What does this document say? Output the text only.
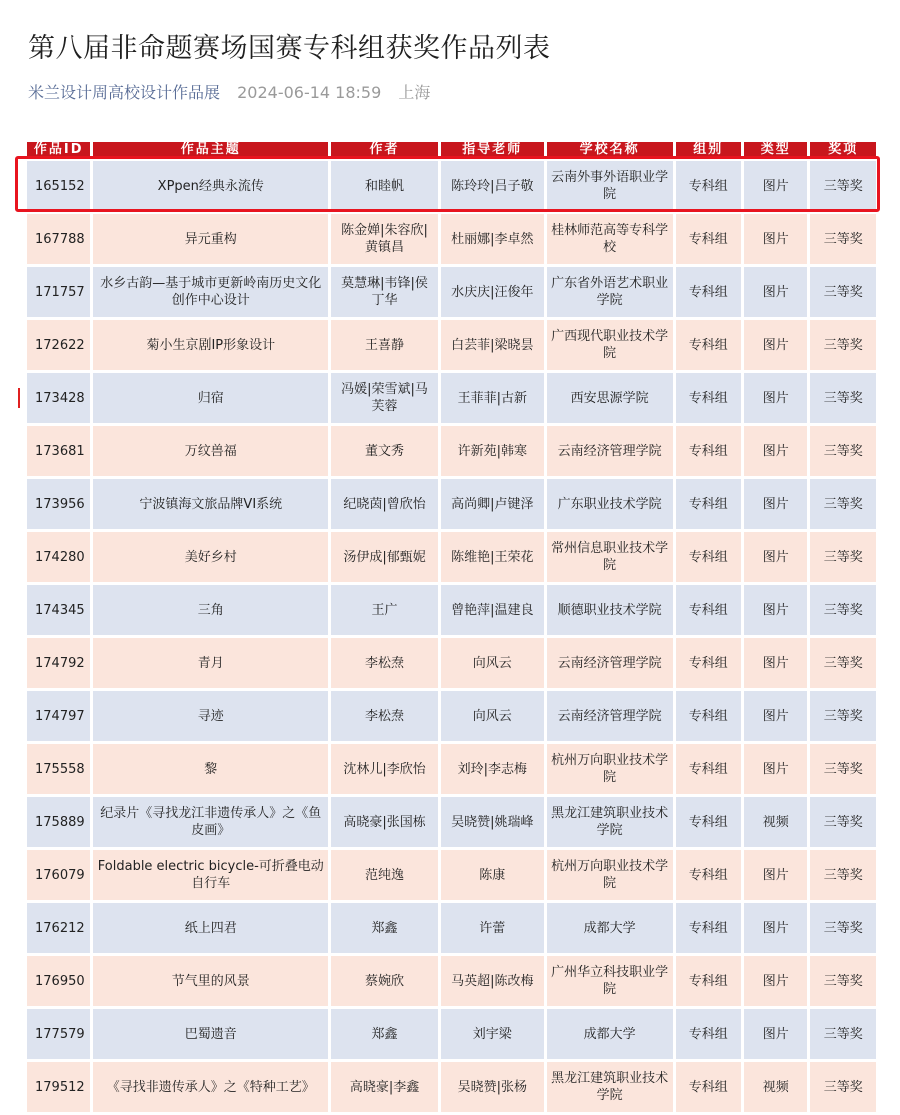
第八届非命题赛场国赛专科组获奖作品列表
米兰设计周高校设计作品展 2024-06-14 18:59 上海
作品ID	作品主题	作者	指导老师	学校名称	组别	类型	奖项
165152	XPpen经典永流传	和睦帆	陈玲玲|吕子敬	云南外事外语职业学院	专科组	图片	三等奖
167788	异元重构	陈金婵|朱容欣|黄镇昌	杜丽娜|李卓然	桂林师范高等专科学校	专科组	图片	三等奖
171757	水乡古韵—基于城市更新岭南历史文化创作中心设计	莫慧琳|韦锋|侯丁华	水庆庆|汪俊年	广东省外语艺术职业学院	专科组	图片	三等奖
172622	菊小生京剧IP形象设计	王喜静	白芸菲|梁晓昙	广西现代职业技术学院	专科组	图片	三等奖
173428	归宿	冯媛|荣雪斌|马芙蓉	王菲菲|古新	西安思源学院	专科组	图片	三等奖
173681	万纹兽福	董文秀	许新苑|韩寒	云南经济管理学院	专科组	图片	三等奖
173956	宁波镇海文旅品牌VI系统	纪晓茵|曾欣怡	高尚卿|卢键泽	广东职业技术学院	专科组	图片	三等奖
174280	美好乡村	汤伊成|郁甄妮	陈维艳|王荣花	常州信息职业技术学院	专科组	图片	三等奖
174345	三角	王广	曾艳萍|温建良	顺德职业技术学院	专科组	图片	三等奖
174792	青月	李松焘	向风云	云南经济管理学院	专科组	图片	三等奖
174797	寻迹	李松焘	向风云	云南经济管理学院	专科组	图片	三等奖
175558	黎	沈林儿|李欣怡	刘玲|李志梅	杭州万向职业技术学院	专科组	图片	三等奖
175889	纪录片《寻找龙江非遗传承人》之《鱼皮画》	高晓豪|张国栋	吴晓赞|姚瑞峰	黑龙江建筑职业技术学院	专科组	视频	三等奖
176079	Foldable electric bicycle-可折叠电动自行车	范纯逸	陈康	杭州万向职业技术学院	专科组	图片	三等奖
176212	纸上四君	郑鑫	许蕾	成都大学	专科组	图片	三等奖
176950	节气里的风景	蔡婉欣	马英超|陈改梅	广州华立科技职业学院	专科组	图片	三等奖
177579	巴蜀遗音	郑鑫	刘宇梁	成都大学	专科组	图片	三等奖
179512	《寻找非遗传承人》之《特种工艺》	高晓豪|李鑫	吴晓赞|张杨	黑龙江建筑职业技术学院	专科组	视频	三等奖
